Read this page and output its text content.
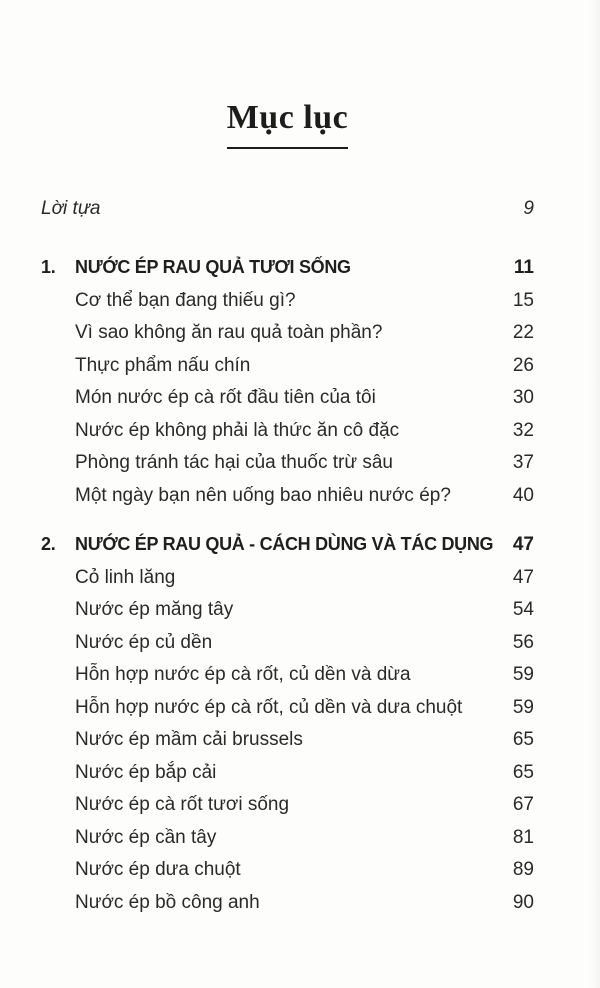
Mục lục
Lời tựa	9
1.	NƯỚC ÉP RAU QUẢ TƯƠI SỐNG	11
Cơ thể bạn đang thiếu gì?	15
Vì sao không ăn rau quả toàn phần?	22
Thực phẩm nấu chín	26
Món nước ép cà rốt đầu tiên của tôi	30
Nước ép không phải là thức ăn cô đặc	32
Phòng tránh tác hại của thuốc trừ sâu	37
Một ngày bạn nên uống bao nhiêu nước ép?	40
2.	NƯỚC ÉP RAU QUẢ - CÁCH DÙNG VÀ TÁC DỤNG	47
Cỏ linh lăng	47
Nước ép măng tây	54
Nước ép củ dền	56
Hỗn hợp nước ép cà rốt, củ dền và dừa	59
Hỗn hợp nước ép cà rốt, củ dền và dưa chuột	59
Nước ép mầm cải brussels	65
Nước ép bắp cải	65
Nước ép cà rốt tươi sống	67
Nước ép cần tây	81
Nước ép dưa chuột	89
Nước ép bồ công anh	90
